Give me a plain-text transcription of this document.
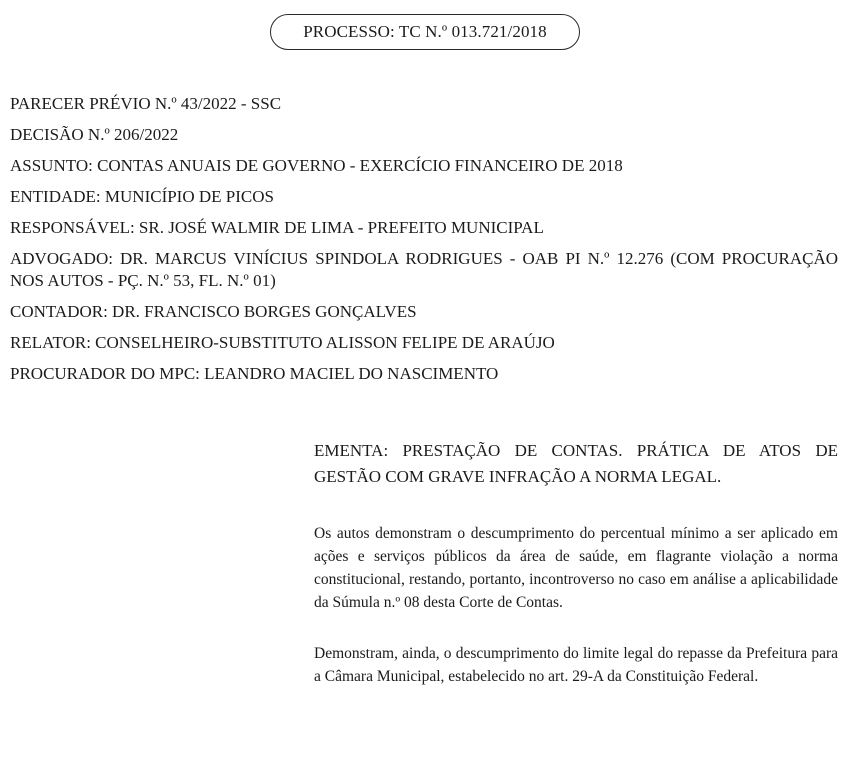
PROCESSO: TC N.º 013.721/2018
PARECER PRÉVIO N.º 43/2022 - SSC
DECISÃO N.º 206/2022
ASSUNTO: CONTAS ANUAIS DE GOVERNO - EXERCÍCIO FINANCEIRO DE 2018
ENTIDADE: MUNICÍPIO DE PICOS
RESPONSÁVEL: SR. JOSÉ WALMIR DE LIMA - PREFEITO MUNICIPAL
ADVOGADO: DR. MARCUS VINÍCIUS SPINDOLA RODRIGUES - OAB PI N.º 12.276 (COM PROCURAÇÃO NOS AUTOS - PÇ. N.º 53, FL. N.º 01)
CONTADOR: DR. FRANCISCO BORGES GONÇALVES
RELATOR: CONSELHEIRO-SUBSTITUTO ALISSON FELIPE DE ARAÚJO
PROCURADOR DO MPC: LEANDRO MACIEL DO NASCIMENTO

EMENTA: PRESTAÇÃO DE CONTAS. PRÁTICA DE ATOS DE GESTÃO COM GRAVE INFRAÇÃO A NORMA LEGAL.

Os autos demonstram o descumprimento do percentual mínimo a ser aplicado em ações e serviços públicos da área de saúde, em flagrante violação a norma constitucional, restando, portanto, incontroverso no caso em análise a aplicabilidade da Súmula n.º 08 desta Corte de Contas.

Demonstram, ainda, o descumprimento do limite legal do repasse da Prefeitura para a Câmara Municipal, estabelecido no art. 29-A da Constituição Federal.
